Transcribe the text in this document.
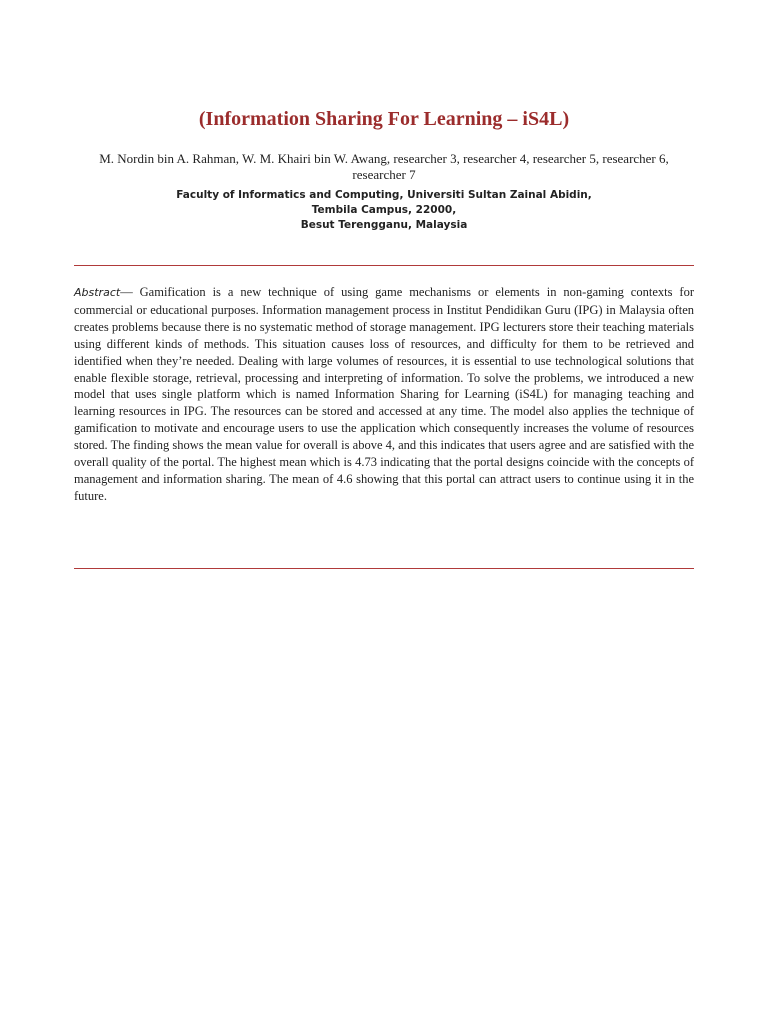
(Information Sharing For Learning – iS4L)
M. Nordin bin A. Rahman, W. M. Khairi bin W. Awang, researcher 3, researcher 4, researcher 5, researcher 6, researcher 7
Faculty of Informatics and Computing, Universiti Sultan Zainal Abidin,
Tembila Campus, 22000,
Besut Terengganu, Malaysia

Abstract— Gamification is a new technique of using game mechanisms or elements in non-gaming contexts for commercial or educational purposes. Information management process in Institut Pendidikan Guru (IPG) in Malaysia often creates problems because there is no systematic method of storage management. IPG lecturers store their teaching materials using different kinds of methods. This situation causes loss of resources, and difficulty for them to be retrieved and identified when they’re needed. Dealing with large volumes of resources, it is essential to use technological solutions that enable flexible storage, retrieval, processing and interpreting of information. To solve the problems, we introduced a new model that uses single platform which is named Information Sharing for Learning (iS4L) for managing teaching and learning resources in IPG. The resources can be stored and accessed at any time. The model also applies the technique of gamification to motivate and encourage users to use the application which consequently increases the volume of resources stored. The finding shows the mean value for overall is above 4, and this indicates that users agree and are satisfied with the overall quality of the portal. The highest mean which is 4.73 indicating that the portal designs coincide with the concepts of management and information sharing. The mean of 4.6 showing that this portal can attract users to continue using it in the future.
